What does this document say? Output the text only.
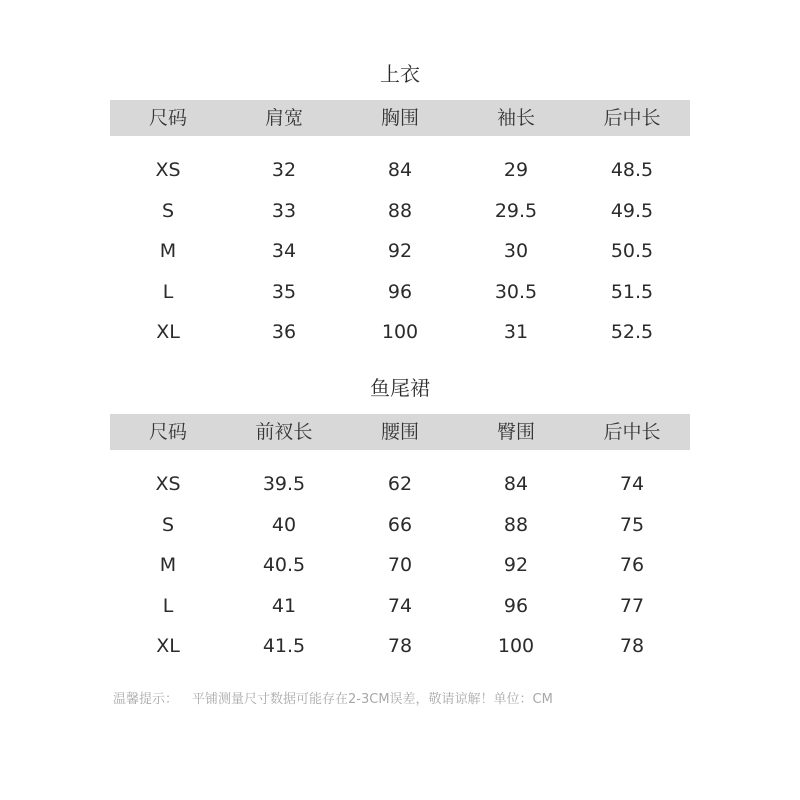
上衣
尺码	肩宽	胸围	袖长	后中长
XS	32	84	29	48.5
S	33	88	29.5	49.5
M	34	92	30	50.5
L	35	96	30.5	51.5
XL	36	100	31	52.5
鱼尾裙
尺码	前衩长	腰围	臀围	后中长
XS	39.5	62	84	74
S	40	66	88	75
M	40.5	70	92	76
L	41	74	96	77
XL	41.5	78	100	78
温馨提示： 平铺测量尺寸数据可能存在2-3CM误差，敬请谅解！单位：CM
